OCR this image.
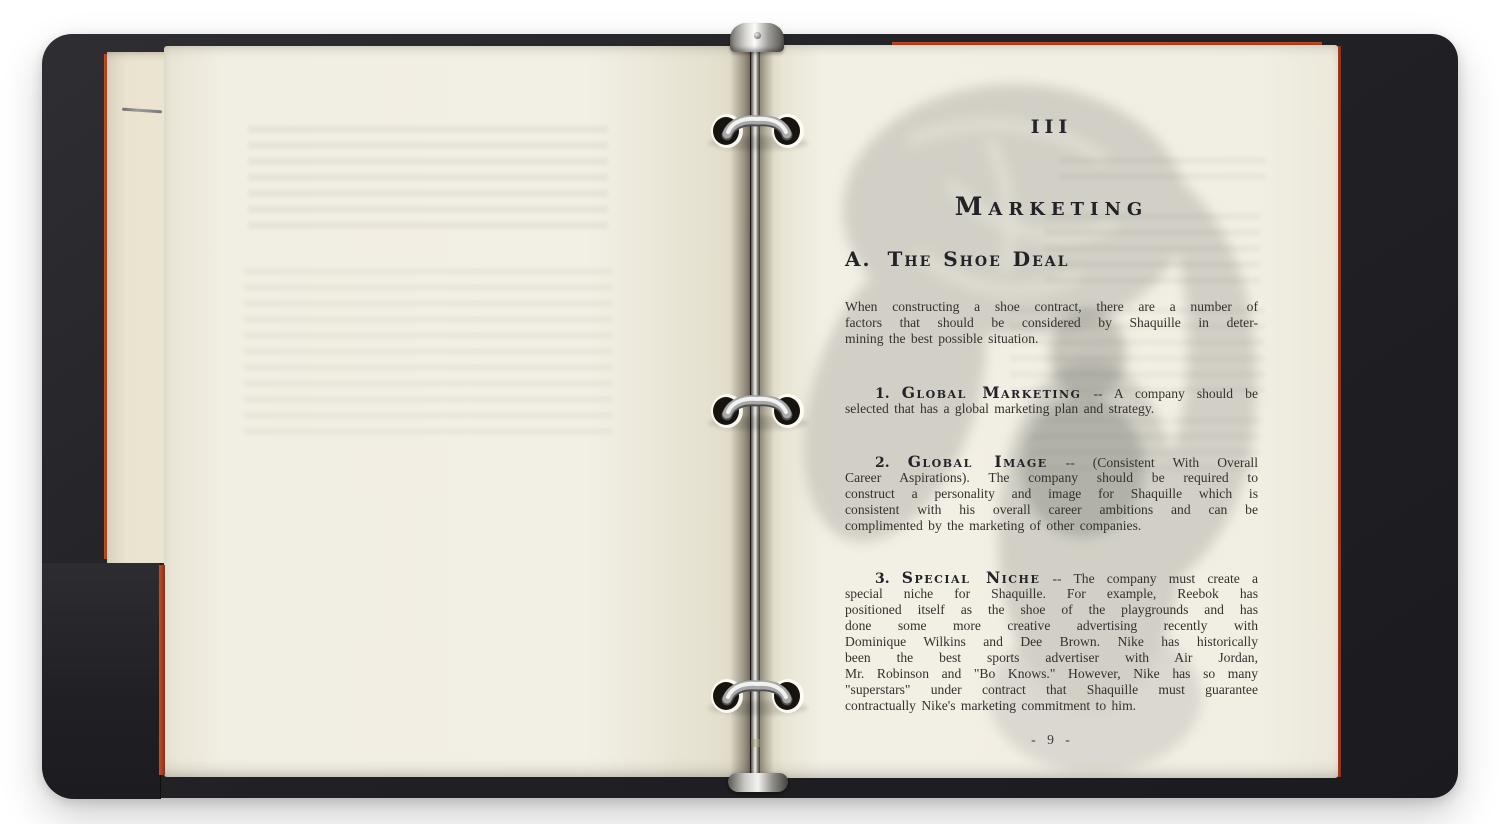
III
Marketing
A. The Shoe Deal
When constructing a shoe contract, there are a number of
factors that should be considered by Shaquille in deter-
mining the best possible situation.
1. Global Marketing -- A company should be
selected that has a global marketing plan and strategy.
2. Global Image -- (Consistent With Overall
Career Aspirations). The company should be required to
construct a personality and image for Shaquille which is
consistent with his overall career ambitions and can be
complimented by the marketing of other companies.
3. Special Niche -- The company must create a
special niche for Shaquille. For example, Reebok has
positioned itself as the shoe of the playgrounds and has
done some more creative advertising recently with
Dominique Wilkins and Dee Brown. Nike has historically
been the best sports advertiser with Air Jordan,
Mr. Robinson and "Bo Knows." However, Nike has so many
"superstars" under contract that Shaquille must guarantee
contractually Nike's marketing commitment to him.
- 9 -
